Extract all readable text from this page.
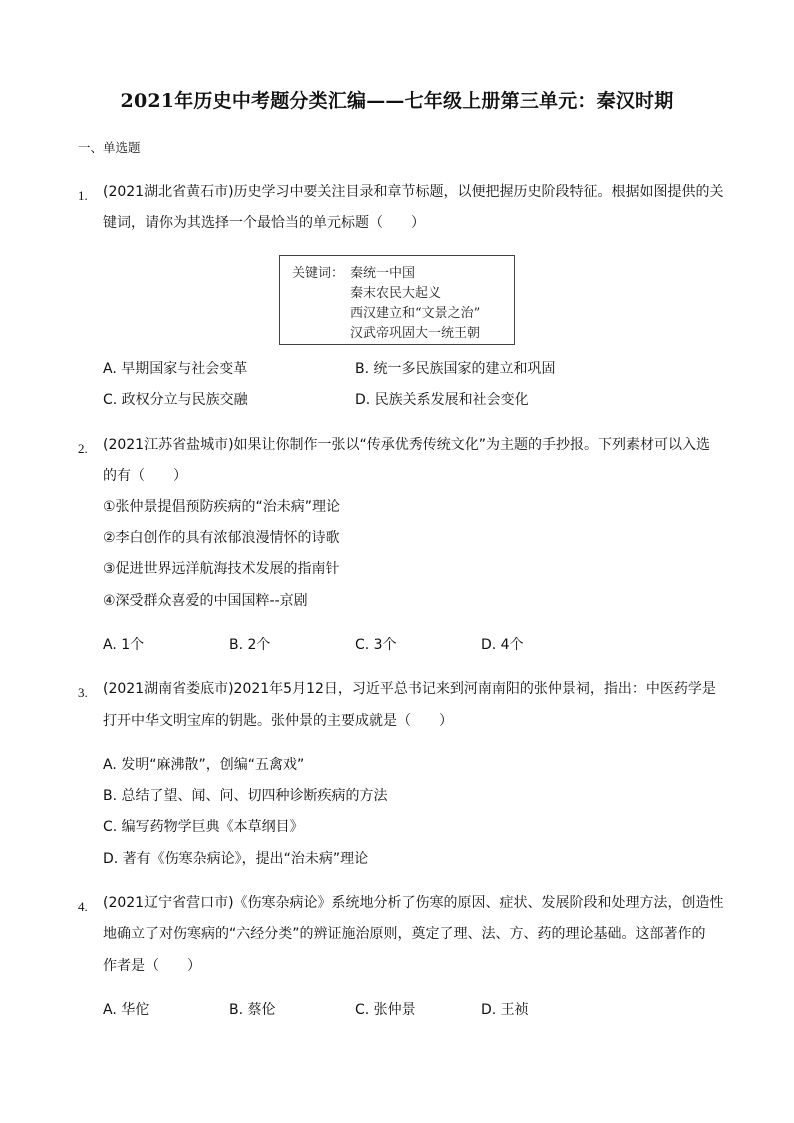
2021年历史中考题分类汇编——七年级上册第三单元：秦汉时期
一、单选题
1. (2021湖北省黄石市)历史学习中要关注目录和章节标题，以便把握历史阶段特征。根据如图提供的关
键词，请你为其选择一个最恰当的单元标题（　　）
关键词： 秦统一中国
秦末农民大起义
西汉建立和“文景之治”
汉武帝巩固大一统王朝
A. 早期国家与社会变革	B. 统一多民族国家的建立和巩固
C. 政权分立与民族交融	D. 民族关系发展和社会变化
2. (2021江苏省盐城市)如果让你制作一张以“传承优秀传统文化”为主题的手抄报。下列素材可以入选
的有（　　）
①张仲景提倡预防疾病的“治未病”理论
②李白创作的具有浓郁浪漫情怀的诗歌
③促进世界远洋航海技术发展的指南针
④深受群众喜爱的中国国粹--京剧
A. 1个	B. 2个	C. 3个	D. 4个
3. (2021湖南省娄底市)2021年5月12日，习近平总书记来到河南南阳的张仲景祠，指出：中医药学是
打开中华文明宝库的钥匙。张仲景的主要成就是（　　）
A. 发明“麻沸散”，创编“五禽戏”
B. 总结了望、闻、问、切四种诊断疾病的方法
C. 编写药物学巨典《本草纲目》
D. 著有《伤寒杂病论》，提出“治未病”理论
4. (2021辽宁省营口市)《伤寒杂病论》系统地分析了伤寒的原因、症状、发展阶段和处理方法，创造性
地确立了对伤寒病的“六经分类”的辨证施治原则，奠定了理、法、方、药的理论基础。这部著作的
作者是（　　）
A. 华佗	B. 蔡伦	C. 张仲景	D. 王祯
